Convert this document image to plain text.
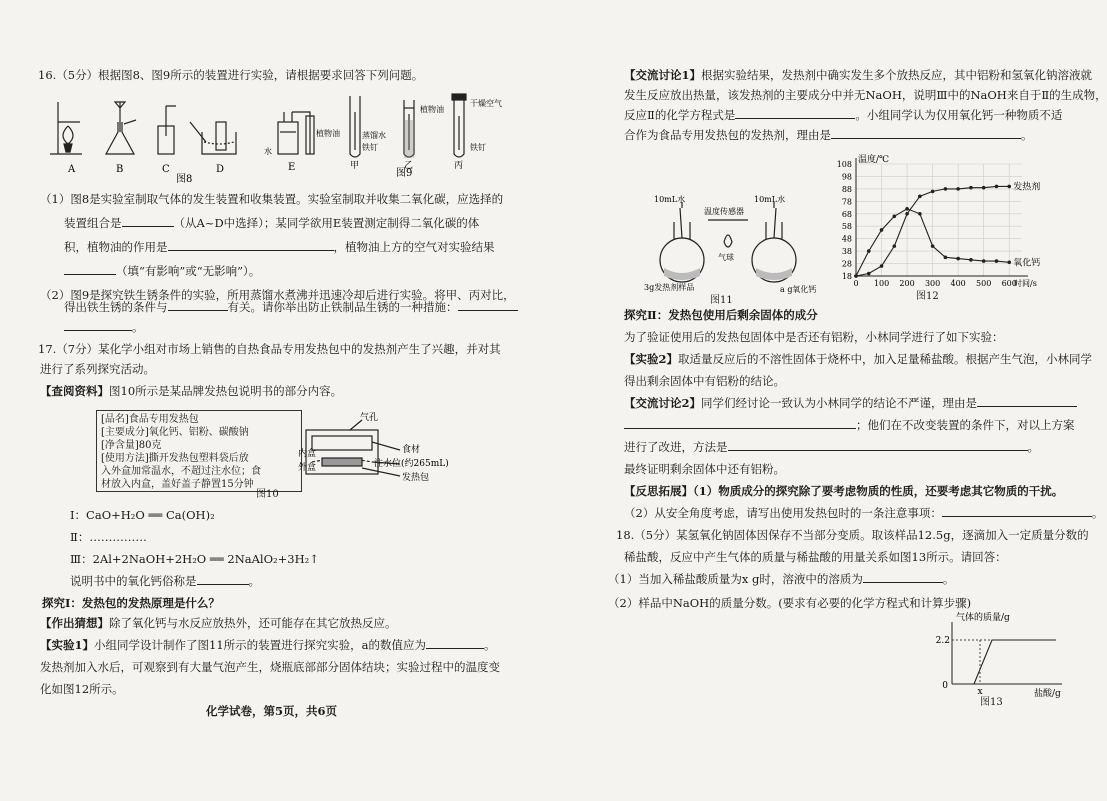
16.（5分）根据图8、图9所示的装置进行实验，请根据要求回答下列问题。
A	B	C	D	E
水
植物油
图8
植物油
蒸馏水
铁钉
干燥空气
铁钉
甲	乙	丙
图9
（1）图8是实验室制取气体的发生装置和收集装置。实验室制取并收集二氧化碳，应选择的
装置组合是	（从A~D中选择）；某同学欲用E装置测定制得二氧化碳的体
积，植物油的作用是	，植物油上方的空气对实验结果
（填“有影响”或“无影响”）。
（2）图9是探究铁生锈条件的实验，所用蒸馏水煮沸并迅速冷却后进行实验。将甲、丙对比，
得出铁生锈的条件与	有关。请你举出防止铁制品生锈的一种措施：
。
17.（7分）某化学小组对市场上销售的自热食品专用发热包中的发热剂产生了兴趣，并对其
进行了系列探究活动。
【查阅资料】图10所示是某品牌发热包说明书的部分内容。
[品名]食品专用发热包
[主要成分]氧化钙、铝粉、碳酸钠
[净含量]80克
[使用方法]撕开发热包塑料袋后放
入外盒加常温水，不超过注水位；食
材放入内盒，盖好盖子静置15分钟
气孔
食材
内盒
外盒	注水位(约265mL)
发热包
图10
Ⅰ：CaO+H₂O ══ Ca(OH)₂
Ⅱ：……………
Ⅲ：2Al+2NaOH+2H₂O ══ 2NaAlO₂+3H₂↑
说明书中的氧化钙俗称是	。
探究Ⅰ：发热包的发热原理是什么？
【作出猜想】除了氧化钙与水反应放热外，还可能存在其它放热反应。
【实验1】小组同学设计制作了图11所示的装置进行探究实验，a的数值应为	。
发热剂加入水后，可观察到有大量气泡产生，烧瓶底部部分固体结块；实验过程中的温度变
化如图12所示。
化学试卷，第5页，共6页
【交流讨论1】根据实验结果，发热剂中确实发生多个放热反应，其中铝粉和氢氧化钠溶液就
发生反应放出热量，该发热剂的主要成分中并无NaOH，说明Ⅲ中的NaOH来自于Ⅱ的生成物，
反应Ⅱ的化学方程式是	。小组同学认为仅用氧化钙一种物质不适
合作为食品专用发热包的发热剂，理由是	。
10mL水	10mL水
温度传感器
气球
3g发热剂样品	a g氧化钙
图11
18
28
38
48
58
68
78
88
98
108
0 100 200 300 400 500 600
温度/℃
时间/s
发热剂
氧化钙
图12
探究Ⅱ：发热包使用后剩余固体的成分
为了验证使用后的发热包固体中是否还有铝粉，小林同学进行了如下实验：
【实验2】取适量反应后的不溶性固体于烧杯中，加入足量稀盐酸。根据产生气泡，小林同学
得出剩余固体中有铝粉的结论。
【交流讨论2】同学们经讨论一致认为小林同学的结论不严谨，理由是
；他们在不改变装置的条件下，对以上方案
进行了改进，方法是	。
最终证明剩余固体中还有铝粉。
【反思拓展】（1）物质成分的探究除了要考虑物质的性质，还要考虑其它物质的干扰。
（2）从安全角度考虑，请写出使用发热包时的一条注意事项：	。
18.（5分）某氢氧化钠固体因保存不当部分变质。取该样品12.5g，逐滴加入一定质量分数的
稀盐酸，反应中产生气体的质量与稀盐酸的用量关系如图13所示。请回答：
（1）当加入稀盐酸质量为x g时，溶液中的溶质为	。
（2）样品中NaOH的质量分数。(要求有必要的化学方程式和计算步骤)
气体的质量/g
盐酸/g
0
2.2
x
图13
